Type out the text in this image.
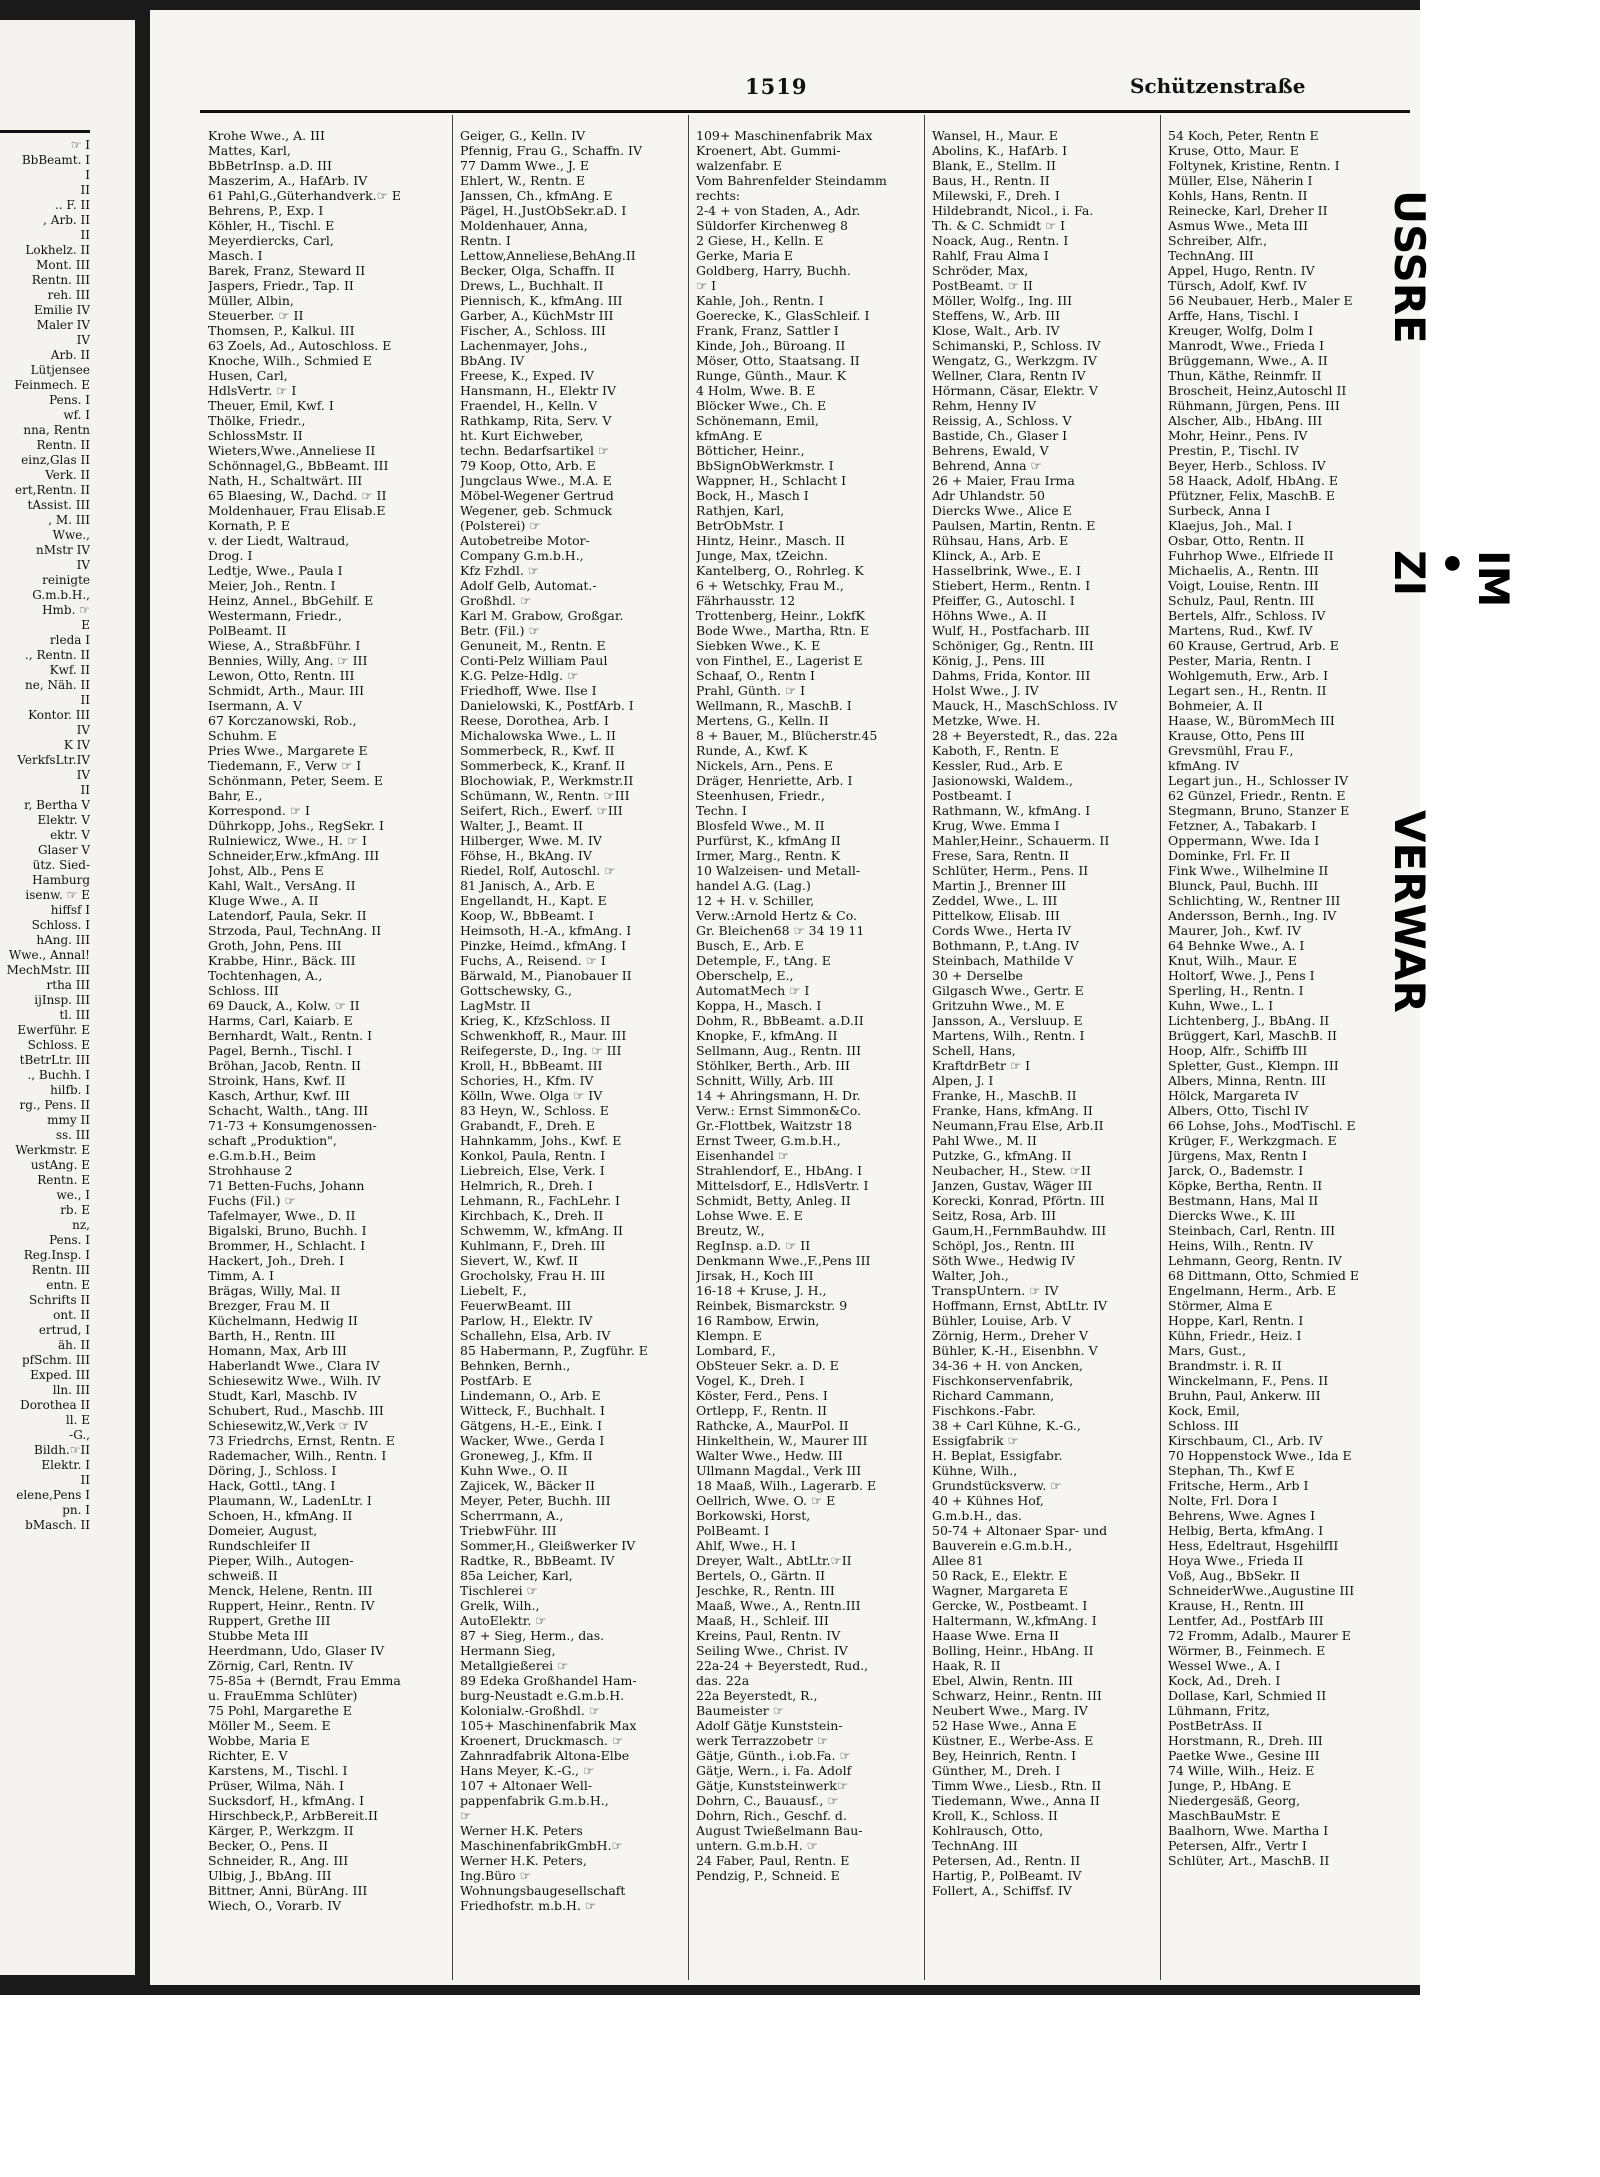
☞ I
BbBeamt. I
I
II
.. F. II
, Arb. II
II
Lokhelz. II
Mont. III
Rentn. III
reh. III
Emilie IV
Maler IV
IV
Arb. II
Lütjensee
Feinmech. E
Pens. I
wf. I
nna, Rentn
Rentn. II
einz,Glas II
Verk. II
ert,Rentn. II
tAssist. III
, M. III
Wwe.,
nMstr IV
IV
reinigte
G.m.b.H.,
Hmb. ☞
E
rleda I
., Rentn. II
Kwf. II
ne, Näh. II
II
Kontor. III
IV
K IV
VerkfsLtr.IV
IV
II
r, Bertha V
Elektr. V
ektr. V
Glaser V
ütz. Sied-
Hamburg
isenw. ☞ E
hiffsf I
Schloss. I
hAng. III
Wwe., Annal!
MechMstr. III
rtha III
ijInsp. III
tl. III
Ewerführ. E
Schloss. E
tBetrLtr. III
., Buchh. I
hilfb. I
rg., Pens. II
mmy II
ss. III
Werkmstr. E
ustAng. E
Rentn. E
we., I
rb. E
nz,
Pens. I
Reg.Insp. I
Rentn. III
entn. E
Schrifts II
ont. II
ertrud, I
äh. II
pfSchm. III
Exped. III
lln. III
Dorothea II
ll. E
-G.,
Bildh.☞II
Elektr. I
II
elene,Pens I
pn. I
bMasch. II
1519	Schützenstraße
Krohe Wwe., A. III
Mattes, Karl,
BbBetrInsp. a.D. III
Maszerim, A., HafArb. IV
61 Pahl,G.,Güterhandverk.☞ E
Behrens, P., Exp. I
Köhler, H., Tischl. E
Meyerdiercks, Carl,
Masch. I
Barek, Franz, Steward II
Jaspers, Friedr., Tap. II
Müller, Albin,
Steuerber. ☞ II
Thomsen, P., Kalkul. III
63 Zoels, Ad., Autoschloss. E
Knoche, Wilh., Schmied E
Husen, Carl,
HdlsVertr. ☞ I
Theuer, Emil, Kwf. I
Thölke, Friedr.,
SchlossMstr. II
Wieters,Wwe.,Anneliese II
Schönnagel,G., BbBeamt. III
Nath, H., Schaltwärt. III
65 Blaesing, W., Dachd. ☞ II
Moldenhauer, Frau Elisab.E
Kornath, P. E
v. der Liedt, Waltraud,
Drog. I
Ledtje, Wwe., Paula I
Meier, Joh., Rentn. I
Heinz, Annel., BbGehilf. E
Westermann, Friedr.,
PolBeamt. II
Wiese, A., StraßbFühr. I
Bennies, Willy, Ang. ☞ III
Lewon, Otto, Rentn. III
Schmidt, Arth., Maur. III
Isermann, A. V
67 Korczanowski, Rob.,
Schuhm. E
Pries Wwe., Margarete E
Tiedemann, F., Verw ☞ I
Schönmann, Peter, Seem. E
Bahr, E.,
Korrespond. ☞ I
Dührkopp, Johs., RegSekr. I
Rulniewicz, Wwe., H. ☞ I
Schneider,Erw.,kfmAng. III
Johst, Alb., Pens E
Kahl, Walt., VersAng. II
Kluge Wwe., A. II
Latendorf, Paula, Sekr. II
Strzoda, Paul, TechnAng. II
Groth, John, Pens. III
Krabbe, Hinr., Bäck. III
Tochtenhagen, A.,
Schloss. III
69 Dauck, A., Kolw. ☞ II
Harms, Carl, Kaiarb. E
Bernhardt, Walt., Rentn. I
Pagel, Bernh., Tischl. I
Bröhan, Jacob, Rentn. II
Stroink, Hans, Kwf. II
Kasch, Arthur, Kwf. III
Schacht, Walth., tAng. III
71-73 + Konsumgenossen-
schaft „Produktion",
e.G.m.b.H., Beim
Strohhause 2
71 Betten-Fuchs, Johann
Fuchs (Fil.) ☞
Tafelmayer, Wwe., D. II
Bigalski, Bruno, Buchh. I
Brommer, H., Schlacht. I
Hackert, Joh., Dreh. I
Timm, A. I
Brägas, Willy, Mal. II
Brezger, Frau M. II
Küchelmann, Hedwig II
Barth, H., Rentn. III
Homann, Max, Arb III
Haberlandt Wwe., Clara IV
Schiesewitz Wwe., Wilh. IV
Studt, Karl, Maschb. IV
Schubert, Rud., Maschb. III
Schiesewitz,W.,Verk ☞ IV
73 Friedrchs, Ernst, Rentn. E
Rademacher, Wilh., Rentn. I
Döring, J., Schloss. I
Hack, Gottl., tAng. I
Plaumann, W., LadenLtr. I
Schoen, H., kfmAng. II
Domeier, August,
Rundschleifer II
Pieper, Wilh., Autogen-
schweiß. II
Menck, Helene, Rentn. III
Ruppert, Heinr., Rentn. IV
Ruppert, Grethe III
Stubbe Meta III
Heerdmann, Udo, Glaser IV
Zörnig, Carl, Rentn. IV
75-85a + (Berndt, Frau Emma
u. FrauEmma Schlüter)
75 Pohl, Margarethe E
Möller M., Seem. E
Wobbe, Maria E
Richter, E. V
Karstens, M., Tischl. I
Prüser, Wilma, Näh. I
Sucksdorf, H., kfmAng. I
Hirschbeck,P., ArbBereit.II
Kärger, P., Werkzgm. II
Becker, O., Pens. II
Schneider, R., Ang. III
Ulbig, J., BbAng. III
Bittner, Anni, BürAng. III
Wiech, O., Vorarb. IV
Geiger, G., Kelln. IV
Pfennig, Frau G., Schaffn. IV
77 Damm Wwe., J. E
Ehlert, W., Rentn. E
Janssen, Ch., kfmAng. E
Pägel, H.,JustObSekr.aD. I
Moldenhauer, Anna,
Rentn. I
Lettow,Anneliese,BehAng.II
Becker, Olga, Schaffn. II
Drews, L., Buchhalt. II
Piennisch, K., kfmAng. III
Garber, A., KüchMstr III
Fischer, A., Schloss. III
Lachenmayer, Johs.,
BbAng. IV
Freese, K., Exped. IV
Hansmann, H., Elektr IV
Fraendel, H., Kelln. V
Rathkamp, Rita, Serv. V
ht. Kurt Eichweber,
techn. Bedarfsartikel ☞
79 Koop, Otto, Arb. E
Jungclaus Wwe., M.A. E
Möbel-Wegener Gertrud
Wegener, geb. Schmuck
(Polsterei) ☞
Autobetreibe Motor-
Company G.m.b.H.,
Kfz Fzhdl. ☞
Adolf Gelb, Automat.-
Großhdl. ☞
Karl M. Grabow, Großgar.
Betr. (Fil.) ☞
Genuneit, M., Rentn. E
Conti-Pelz William Paul
K.G. Pelze-Hdlg. ☞
Friedhoff, Wwe. Ilse I
Danielowski, K., PostfArb. I
Reese, Dorothea, Arb. I
Michalowska Wwe., L. II
Sommerbeck, R., Kwf. II
Sommerbeck, K., Kranf. II
Blochowiak, P., Werkmstr.II
Schümann, W., Rentn. ☞III
Seifert, Rich., Ewerf. ☞III
Walter, J., Beamt. II
Hilberger, Wwe. M. IV
Föhse, H., BkAng. IV
Riedel, Rolf, Autoschl. ☞
81 Janisch, A., Arb. E
Engellandt, H., Kapt. E
Koop, W., BbBeamt. I
Heimsoth, H.-A., kfmAng. I
Pinzke, Heimd., kfmAng. I
Fuchs, A., Reisend. ☞ I
Bärwald, M., Pianobauer II
Gottschewsky, G.,
LagMstr. II
Krieg, K., KfzSchloss. II
Schwenkhoff, R., Maur. III
Reifegerste, D., Ing. ☞ III
Kroll, H., BbBeamt. III
Schories, H., Kfm. IV
Kölln, Wwe. Olga ☞ IV
83 Heyn, W., Schloss. E
Grabandt, F., Dreh. E
Hahnkamm, Johs., Kwf. E
Konkol, Paula, Rentn. I
Liebreich, Else, Verk. I
Helmrich, R., Dreh. I
Lehmann, R., FachLehr. I
Kirchbach, K., Dreh. II
Schwemm, W., kfmAng. II
Kuhlmann, F., Dreh. III
Sievert, W., Kwf. II
Grocholsky, Frau H. III
Liebelt, F.,
FeuerwBeamt. III
Parlow, H., Elektr. IV
Schallehn, Elsa, Arb. IV
85 Habermann, P., Zugführ. E
Behnken, Bernh.,
PostfArb. E
Lindemann, O., Arb. E
Witteck, F., Buchhalt. I
Gätgens, H.-E., Eink. I
Wacker, Wwe., Gerda I
Groneweg, J., Kfm. II
Kuhn Wwe., O. II
Zajicek, W., Bäcker II
Meyer, Peter, Buchh. III
Scherrmann, A.,
TriebwFühr. III
Sommer,H., Gleißwerker IV
Radtke, R., BbBeamt. IV
85a Leicher, Karl,
Tischlerei ☞
Grelk, Wilh.,
AutoElektr. ☞
87 + Sieg, Herm., das.
Hermann Sieg,
Metallgießerei ☞
89 Edeka Großhandel Ham-
burg-Neustadt e.G.m.b.H.
Kolonialw.-Großhdl. ☞
105+ Maschinenfabrik Max
Kroenert, Druckmasch. ☞
Zahnradfabrik Altona-Elbe
Hans Meyer, K.-G., ☞
107 + Altonaer Well-
pappenfabrik G.m.b.H.,
☞
Werner H.K. Peters
MaschinenfabrikGmbH.☞
Werner H.K. Peters,
Ing.Büro ☞
Wohnungsbaugesellschaft
Friedhofstr. m.b.H. ☞
109+ Maschinenfabrik Max
Kroenert, Abt. Gummi-
walzenfabr. E
Vom Bahrenfelder Steindamm
rechts:
2-4 + von Staden, A., Adr.
Süldorfer Kirchenweg 8
2 Giese, H., Kelln. E
Gerke, Maria E
Goldberg, Harry, Buchh.
☞ I
Kahle, Joh., Rentn. I
Goerecke, K., GlasSchleif. I
Frank, Franz, Sattler I
Kinde, Joh., Büroang. II
Möser, Otto, Staatsang. II
Runge, Günth., Maur. K
4 Holm, Wwe. B. E
Blöcker Wwe., Ch. E
Schönemann, Emil,
kfmAng. E
Bötticher, Heinr.,
BbSignObWerkmstr. I
Wappner, H., Schlacht I
Bock, H., Masch I
Rathjen, Karl,
BetrObMstr. I
Hintz, Heinr., Masch. II
Junge, Max, tZeichn.
Kantelberg, O., Rohrleg. K
6 + Wetschky, Frau M.,
Fährhausstr. 12
Trottenberg, Heinr., LokfK
Bode Wwe., Martha, Rtn. E
Siebken Wwe., K. E
von Finthel, E., Lagerist E
Schaaf, O., Rentn I
Prahl, Günth. ☞ I
Wellmann, R., MaschB. I
Mertens, G., Kelln. II
8 + Bauer, M., Blücherstr.45
Runde, A., Kwf. K
Nickels, Arn., Pens. E
Dräger, Henriette, Arb. I
Steenhusen, Friedr.,
Techn. I
Blosfeld Wwe., M. II
Purfürst, K., kfmAng II
Irmer, Marg., Rentn. K
10 Walzeisen- und Metall-
handel A.G. (Lag.)
12 + H. v. Schiller,
Verw.:Arnold Hertz & Co.
Gr. Bleichen68 ☞ 34 19 11
Busch, E., Arb. E
Detemple, F., tAng. E
Oberschelp, E.,
AutomatMech ☞ I
Koppa, H., Masch. I
Dohm, R., BbBeamt. a.D.II
Knopke, F., kfmAng. II
Sellmann, Aug., Rentn. III
Stöhlker, Berth., Arb. III
Schnitt, Willy, Arb. III
14 + Ahringsmann, H. Dr.
Verw.: Ernst Simmon&Co.
Gr.-Flottbek, Waitzstr 18
Ernst Tweer, G.m.b.H.,
Eisenhandel ☞
Strahlendorf, E., HbAng. I
Mittelsdorf, E., HdlsVertr. I
Schmidt, Betty, Anleg. II
Lohse Wwe. E. E
Breutz, W.,
RegInsp. a.D. ☞ II
Denkmann Wwe.,F.,Pens III
Jirsak, H., Koch III
16-18 + Kruse, J. H.,
Reinbek, Bismarckstr. 9
16 Rambow, Erwin,
Klempn. E
Lombard, F.,
ObSteuer Sekr. a. D. E
Vogel, K., Dreh. I
Köster, Ferd., Pens. I
Ortlepp, F., Rentn. II
Rathcke, A., MaurPol. II
Hinkelthein, W., Maurer III
Walter Wwe., Hedw. III
Ullmann Magdal., Verk III
18 Maaß, Wilh., Lagerarb. E
Oellrich, Wwe. O. ☞ E
Borkowski, Horst,
PolBeamt. I
Ahlf, Wwe., H. I
Dreyer, Walt., AbtLtr.☞II
Bertels, O., Gärtn. II
Jeschke, R., Rentn. III
Maaß, Wwe., A., Rentn.III
Maaß, H., Schleif. III
Kreins, Paul, Rentn. IV
Seiling Wwe., Christ. IV
22a-24 + Beyerstedt, Rud.,
das. 22a
22a Beyerstedt, R.,
Baumeister ☞
Adolf Gätje Kunststein-
werk Terrazzobetr ☞
Gätje, Günth., i.ob.Fa. ☞
Gätje, Wern., i. Fa. Adolf
Gätje, Kunststeinwerk☞
Dohrn, C., Bauausf., ☞
Dohrn, Rich., Geschf. d.
August Twießelmann Bau-
untern. G.m.b.H. ☞
24 Faber, Paul, Rentn. E
Pendzig, P., Schneid. E
Wansel, H., Maur. E
Abolins, K., HafArb. I
Blank, E., Stellm. II
Baus, H., Rentn. II
Milewski, F., Dreh. I
Hildebrandt, Nicol., i. Fa.
Th. & C. Schmidt ☞ I
Noack, Aug., Rentn. I
Rahlf, Frau Alma I
Schröder, Max,
PostBeamt. ☞ II
Möller, Wolfg., Ing. III
Steffens, W., Arb. III
Klose, Walt., Arb. IV
Schimanski, P., Schloss. IV
Wengatz, G., Werkzgm. IV
Wellner, Clara, Rentn IV
Hörmann, Cäsar, Elektr. V
Rehm, Henny IV
Reissig, A., Schloss. V
Bastide, Ch., Glaser I
Behrens, Ewald, V
Behrend, Anna ☞
26 + Maier, Frau Irma
Adr Uhlandstr. 50
Diercks Wwe., Alice E
Paulsen, Martin, Rentn. E
Rühsau, Hans, Arb. E
Klinck, A., Arb. E
Hasselbrink, Wwe., E. I
Stiebert, Herm., Rentn. I
Pfeiffer, G., Autoschl. I
Höhns Wwe., A. II
Wulf, H., Postfacharb. III
Schöniger, Gg., Rentn. III
König, J., Pens. III
Dahms, Frida, Kontor. III
Holst Wwe., J. IV
Mauck, H., MaschSchloss. IV
Metzke, Wwe. H.
28 + Beyerstedt, R., das. 22a
Kaboth, F., Rentn. E
Kessler, Rud., Arb. E
Jasionowski, Waldem.,
Postbeamt. I
Rathmann, W., kfmAng. I
Krug, Wwe. Emma I
Mahler,Heinr., Schauerm. II
Frese, Sara, Rentn. II
Schlüter, Herm., Pens. II
Martin J., Brenner III
Zeddel, Wwe., L. III
Pittelkow, Elisab. III
Cords Wwe., Herta IV
Bothmann, P., t.Ang. IV
Steinbach, Mathilde V
30 + Derselbe
Gilgasch Wwe., Gertr. E
Gritzuhn Wwe., M. E
Jansson, A., Versluup. E
Martens, Wilh., Rentn. I
Schell, Hans,
KraftdrBetr ☞ I
Alpen, J. I
Franke, H., MaschB. II
Franke, Hans, kfmAng. II
Neumann,Frau Else, Arb.II
Pahl Wwe., M. II
Putzke, G., kfmAng. II
Neubacher, H., Stew. ☞II
Janzen, Gustav, Wäger III
Korecki, Konrad, Pförtn. III
Seitz, Rosa, Arb. III
Gaum,H.,FernmBauhdw. III
Schöpl, Jos., Rentn. III
Söth Wwe., Hedwig IV
Walter, Joh.,
TranspUntern. ☞ IV
Hoffmann, Ernst, AbtLtr. IV
Bühler, Louise, Arb. V
Zörnig, Herm., Dreher V
Bühler, K.-H., Eisenbhn. V
34-36 + H. von Ancken,
Fischkonservenfabrik,
Richard Cammann,
Fischkons.-Fabr.
38 + Carl Kühne, K.-G.,
Essigfabrik ☞
H. Beplat, Essigfabr.
Kühne, Wilh.,
Grundstücksverw. ☞
40 + Kühnes Hof,
G.m.b.H., das.
50-74 + Altonaer Spar- und
Bauverein e.G.m.b.H.,
Allee 81
50 Rack, E., Elektr. E
Wagner, Margareta E
Gercke, W., Postbeamt. I
Haltermann, W.,kfmAng. I
Haase Wwe. Erna II
Bolling, Heinr., HbAng. II
Haak, R. II
Ebel, Alwin, Rentn. III
Schwarz, Heinr., Rentn. III
Neubert Wwe., Marg. IV
52 Hase Wwe., Anna E
Küstner, E., Werbe-Ass. E
Bey, Heinrich, Rentn. I
Günther, M., Dreh. I
Timm Wwe., Liesb., Rtn. II
Tiedemann, Wwe., Anna II
Kroll, K., Schloss. II
Kohlrausch, Otto,
TechnAng. III
Petersen, Ad., Rentn. II
Hartig, P., PolBeamt. IV
Follert, A., Schiffsf. IV
54 Koch, Peter, Rentn E
Kruse, Otto, Maur. E
Foltynek, Kristine, Rentn. I
Müller, Else, Näherin I
Kohls, Hans, Rentn. II
Reinecke, Karl, Dreher II
Asmus Wwe., Meta III
Schreiber, Alfr.,
TechnAng. III
Appel, Hugo, Rentn. IV
Türsch, Adolf, Kwf. IV
56 Neubauer, Herb., Maler E
Arffe, Hans, Tischl. I
Kreuger, Wolfg, Dolm I
Manrodt, Wwe., Frieda I
Brüggemann, Wwe., A. II
Thun, Käthe, Reinmfr. II
Broscheit, Heinz,Autoschl II
Rühmann, Jürgen, Pens. III
Alscher, Alb., HbAng. III
Mohr, Heinr., Pens. IV
Prestin, P., Tischl. IV
Beyer, Herb., Schloss. IV
58 Haack, Adolf, HbAng. E
Pfützner, Felix, MaschB. E
Surbeck, Anna I
Klaejus, Joh., Mal. I
Osbar, Otto, Rentn. II
Fuhrhop Wwe., Elfriede II
Michaelis, A., Rentn. III
Voigt, Louise, Rentn. III
Schulz, Paul, Rentn. III
Bertels, Alfr., Schloss. IV
Martens, Rud., Kwf. IV
60 Krause, Gertrud, Arb. E
Pester, Maria, Rentn. I
Wohlgemuth, Erw., Arb. I
Legart sen., H., Rentn. II
Bohmeier, A. II
Haase, W., BüromMech III
Krause, Otto, Pens III
Grevsmühl, Frau F.,
kfmAng. IV
Legart jun., H., Schlosser IV
62 Günzel, Friedr., Rentn. E
Stegmann, Bruno, Stanzer E
Fetzner, A., Tabakarb. I
Oppermann, Wwe. Ida I
Dominke, Frl. Fr. II
Fink Wwe., Wilhelmine II
Blunck, Paul, Buchh. III
Schlichting, W., Rentner III
Andersson, Bernh., Ing. IV
Maurer, Joh., Kwf. IV
64 Behnke Wwe., A. I
Knut, Wilh., Maur. E
Holtorf, Wwe. J., Pens I
Sperling, H., Rentn. I
Kuhn, Wwe., L. I
Lichtenberg, J., BbAng. II
Brüggert, Karl, MaschB. II
Hoop, Alfr., Schiffb III
Spletter, Gust., Klempn. III
Albers, Minna, Rentn. III
Hölck, Margareta IV
Albers, Otto, Tischl IV
66 Lohse, Johs., ModTischl. E
Krüger, F., Werkzgmach. E
Jürgens, Max, Rentn I
Jarck, O., Bademstr. I
Köpke, Bertha, Rentn. II
Bestmann, Hans, Mal II
Diercks Wwe., K. III
Steinbach, Carl, Rentn. III
Heins, Wilh., Rentn. IV
Lehmann, Georg, Rentn. IV
68 Dittmann, Otto, Schmied E
Engelmann, Herm., Arb. E
Störmer, Alma E
Hoppe, Karl, Rentn. I
Kühn, Friedr., Heiz. I
Mars, Gust.,
Brandmstr. i. R. II
Winckelmann, F., Pens. II
Bruhn, Paul, Ankerw. III
Kock, Emil,
Schloss. III
Kirschbaum, Cl., Arb. IV
70 Hoppenstock Wwe., Ida E
Stephan, Th., Kwf E
Fritsche, Herm., Arb I
Nolte, Frl. Dora I
Behrens, Wwe. Agnes I
Helbig, Berta, kfmAng. I
Hess, Edeltraut, HsgehilfII
Hoya Wwe., Frieda II
Voß, Aug., BbSekr. II
SchneiderWwe.,Augustine III
Krause, H., Rentn. III
Lentfer, Ad., PostfArb III
72 Fromm, Adalb., Maurer E
Wörmer, B., Feinmech. E
Wessel Wwe., A. I
Kock, Ad., Dreh. I
Dollase, Karl, Schmied II
Lühmann, Fritz,
PostBetrAss. II
Horstmann, R., Dreh. III
Paetke Wwe., Gesine III
74 Wille, Wilh., Heiz. E
Junge, P., HbAng. E
Niedergesäß, Georg,
MaschBauMstr. E
Baalhorn, Wwe. Martha I
Petersen, Alfr., Vertr I
Schlüter, Art., MaschB. II
USSRE
IM • ZI
VERWAR
